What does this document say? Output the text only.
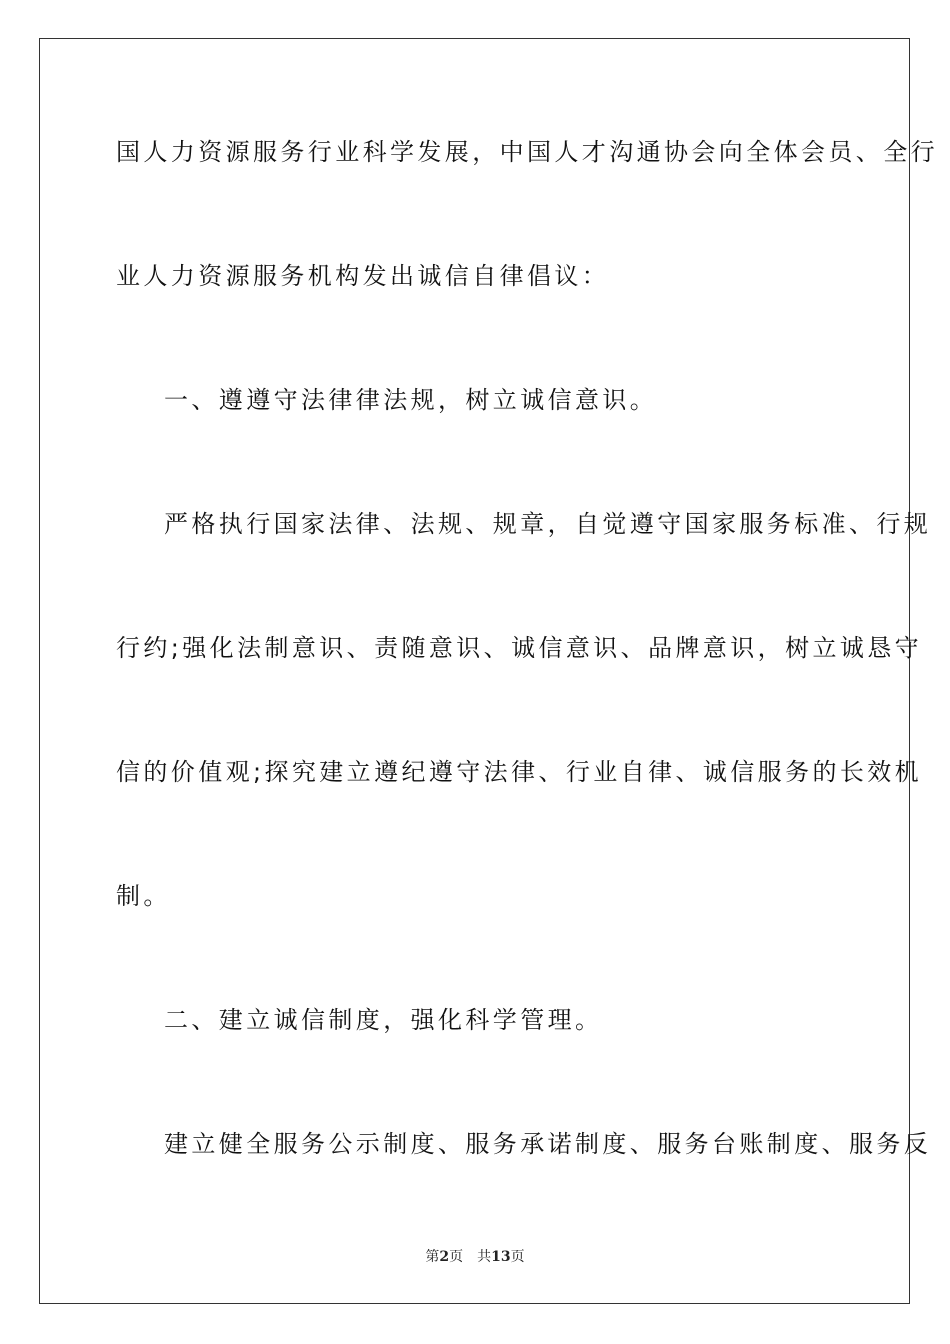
国人力资源服务行业科学发展，中国人才沟通协会向全体会员、全行
业人力资源服务机构发出诚信自律倡议：
一、遵遵守法律律法规，树立诚信意识。
严格执行国家法律、法规、规章，自觉遵守国家服务标准、行规
行约;强化法制意识、责随意识、诚信意识、品牌意识，树立诚恳守
信的价值观;探究建立遵纪遵守法律、行业自律、诚信服务的长效机
制。
二、建立诚信制度，强化科学管理。
建立健全服务公示制度、服务承诺制度、服务台账制度、服务反
第2页 共13页
